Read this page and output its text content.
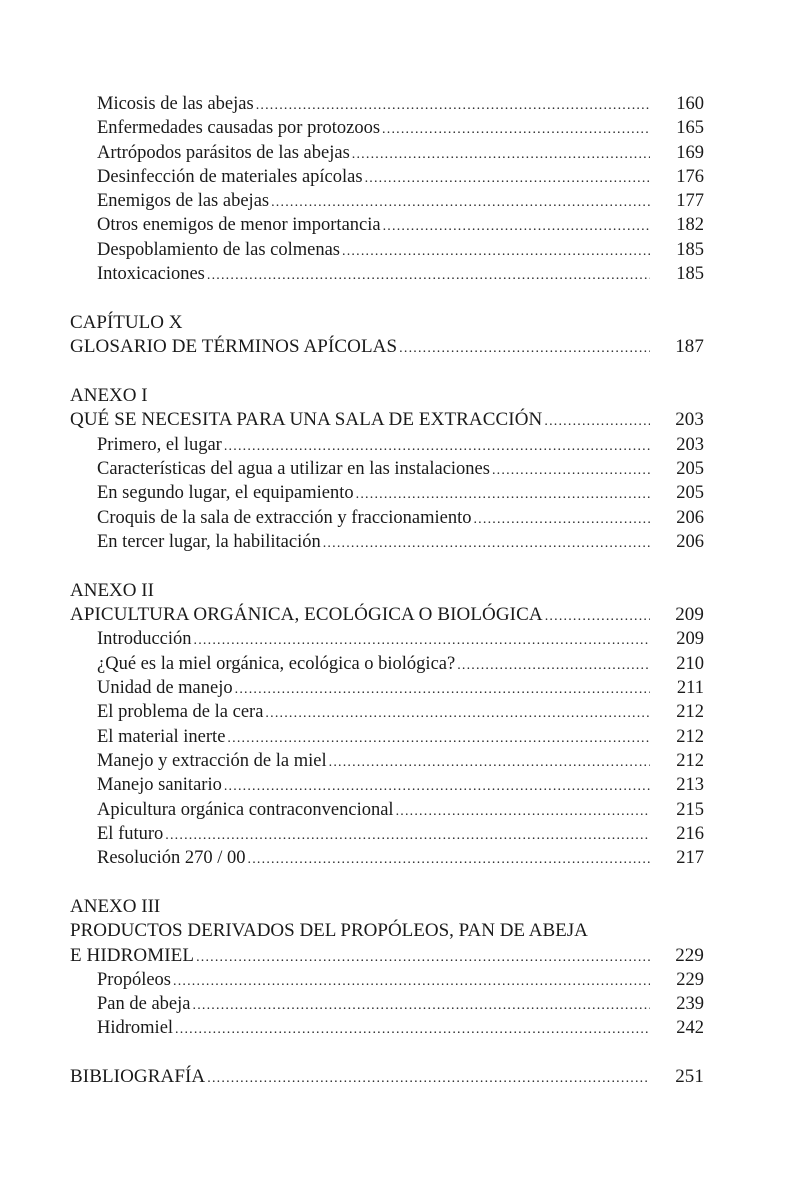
Micosis de las abejas .....	160
Enfermedades causadas por protozoos .....	165
Artrópodos parásitos de las abejas .....	169
Desinfección de materiales apícolas .....	176
Enemigos de las abejas .....	177
Otros enemigos de menor importancia .....	182
Despoblamiento de las colmenas .....	185
Intoxicaciones .....	185
CAPÍTULO X
GLOSARIO DE TÉRMINOS APÍCOLAS .....	187
ANEXO I
QUÉ SE NECESITA PARA UNA SALA DE EXTRACCIÓN .....	203
Primero, el lugar .....	203
Características del agua a utilizar en las instalaciones .....	205
En segundo lugar, el equipamiento .....	205
Croquis de la sala de extracción y fraccionamiento .....	206
En tercer lugar, la habilitación .....	206
ANEXO II
APICULTURA ORGÁNICA, ECOLÓGICA O BIOLÓGICA .....	209
Introducción .....	209
¿Qué es la miel orgánica, ecológica o biológica? .....	210
Unidad de manejo .....	211
El problema de la cera .....	212
El material inerte .....	212
Manejo y extracción de la miel .....	212
Manejo sanitario .....	213
Apicultura orgánica contraconvencional .....	215
El futuro .....	216
Resolución 270 / 00 .....	217
ANEXO III
PRODUCTOS DERIVADOS DEL PROPÓLEOS, PAN DE ABEJA
E HIDROMIEL .....	229
Propóleos .....	229
Pan de abeja .....	239
Hidromiel .....	242
BIBLIOGRAFÍA .....	251
